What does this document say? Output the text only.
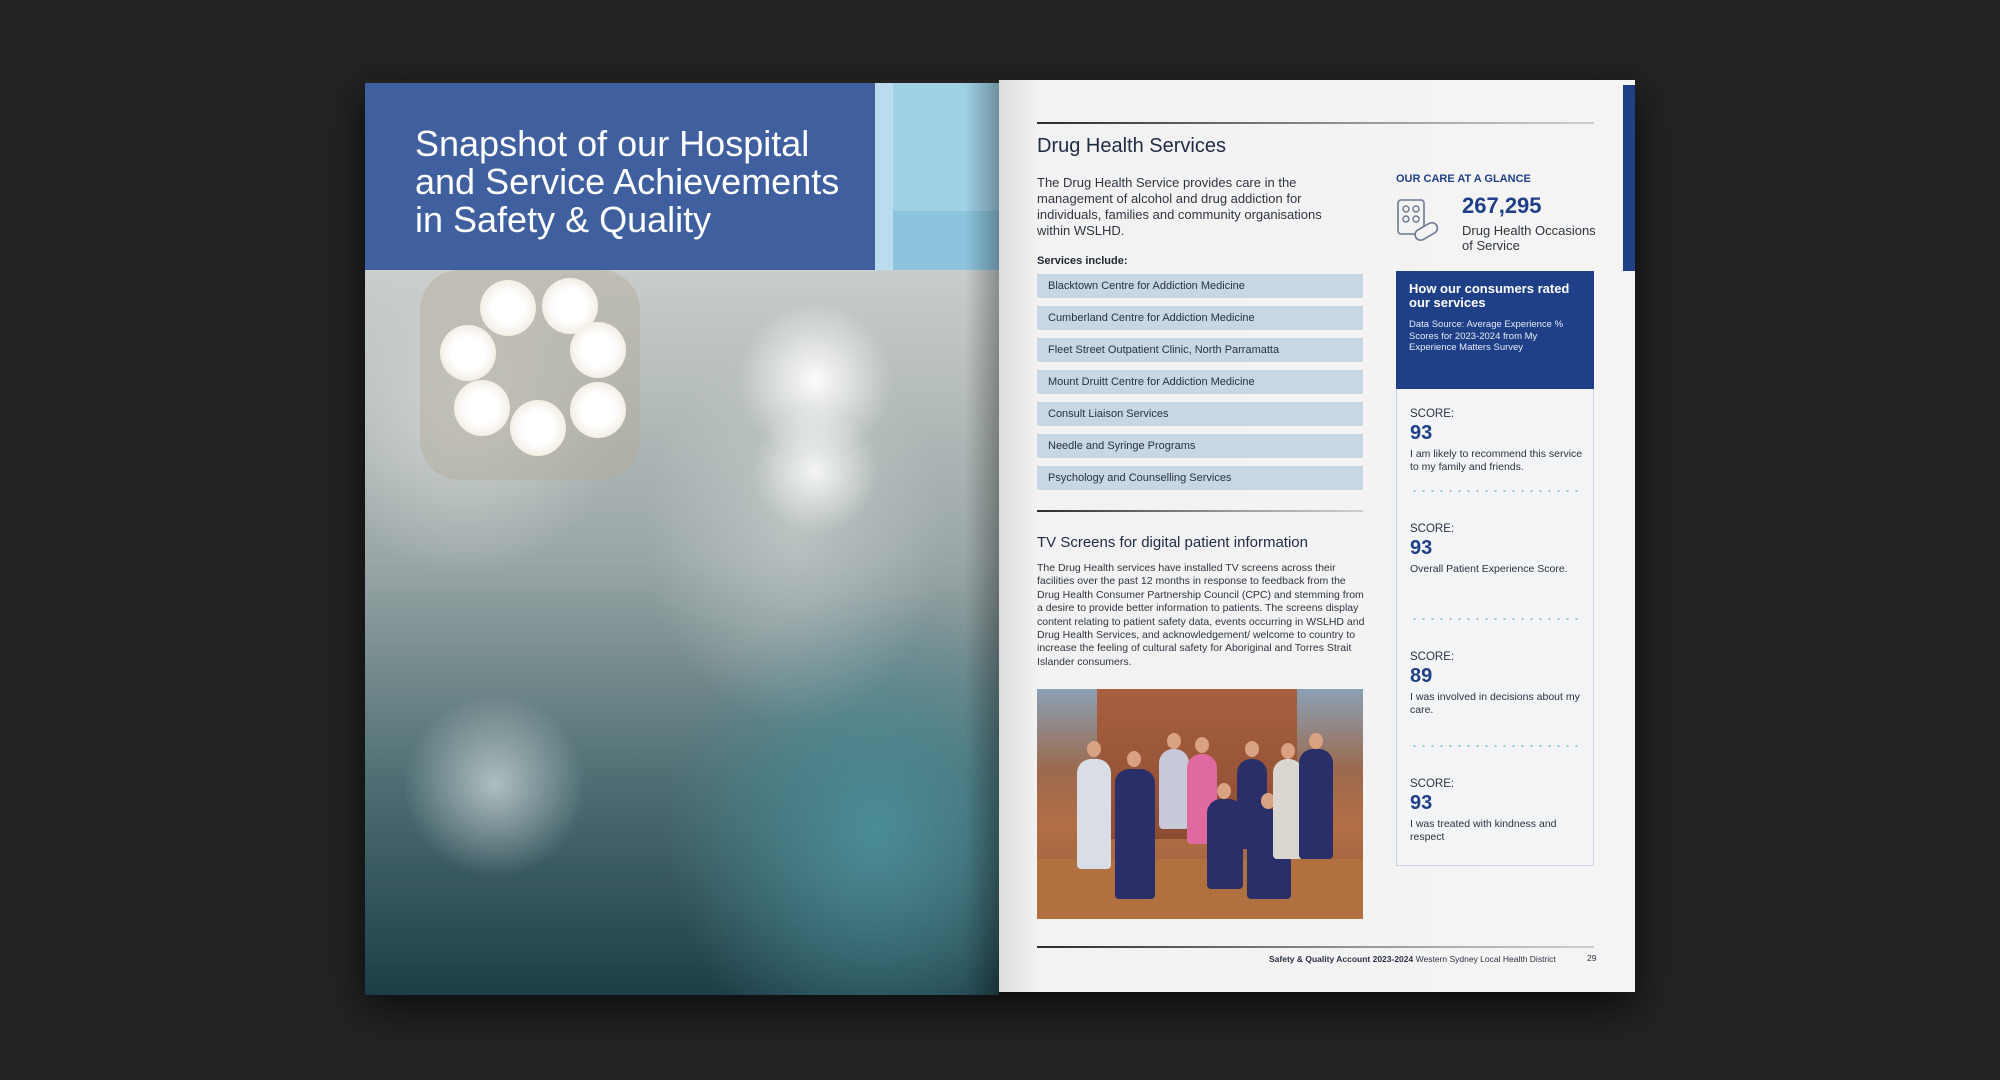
Snapshot of our Hospital and Service Achievements in Safety & Quality
Drug Health Services

The Drug Health Service provides care in the management of alcohol and drug addiction for individuals, families and community organisations within WSLHD.

Services include:
Blacktown Centre for Addiction Medicine
Cumberland Centre for Addiction Medicine
Fleet Street Outpatient Clinic, North Parramatta
Mount Druitt Centre for Addiction Medicine
Consult Liaison Services
Needle and Syringe Programs
Psychology and Counselling Services
TV Screens for digital patient information

The Drug Health services have installed TV screens across their facilities over the past 12 months in response to feedback from the Drug Health Consumer Partnership Council (CPC) and stemming from a desire to provide better information to patients. The screens display content relating to patient safety data, events occurring in WSLHD and Drug Health Services, and acknowledgement/ welcome to country to increase the feeling of cultural safety for Aboriginal and Torres Strait Islander consumers.

OUR CARE AT A GLANCE
267,295
Drug Health Occasions of Service

How our consumers rated our services

Data Source: Average Experience % Scores for 2023-2024 from My Experience Matters Survey

SCORE:
93
I am likely to recommend this service to my family and friends.
SCORE:
93
Overall Patient Experience Score.
SCORE:
89
I was involved in decisions about my care.
SCORE:
93
I was treated with kindness and respect
Safety & Quality Account 2023-2024 Western Sydney Local Health District	29
